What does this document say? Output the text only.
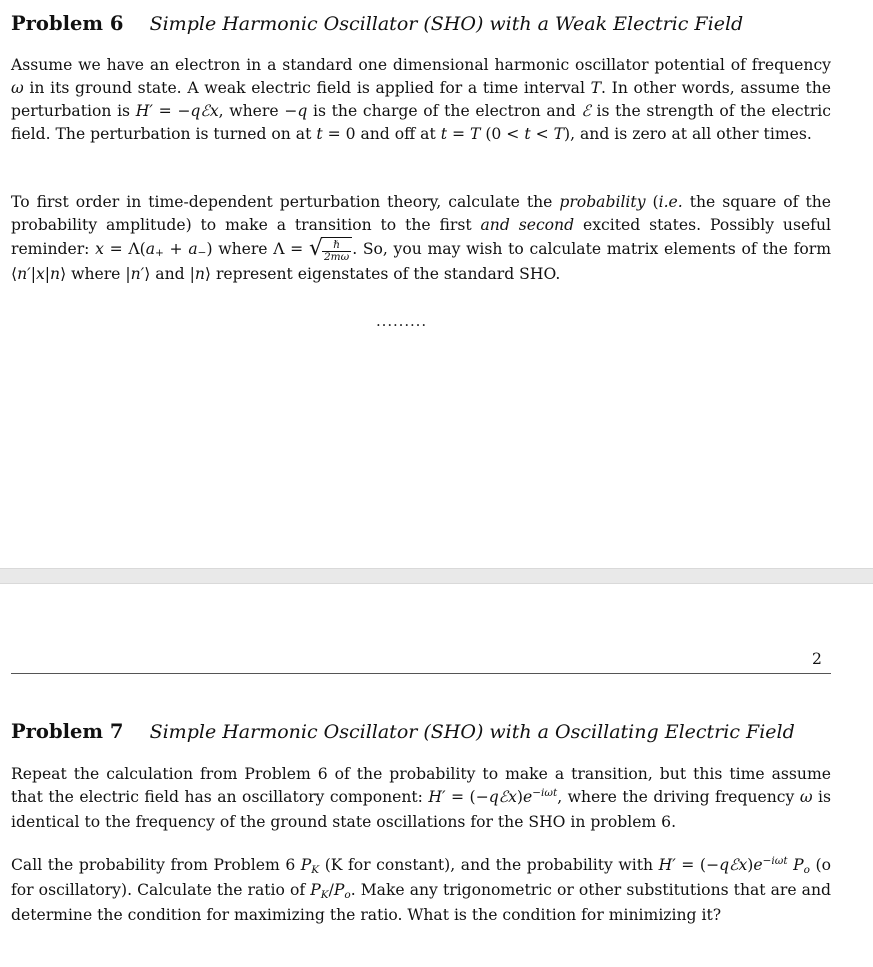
Problem 6 Simple Harmonic Oscillator (SHO) with a Weak Electric Field

Assume we have an electron in a standard one dimensional harmonic oscillator potential of frequency ω in its ground state. A weak electric field is applied for a time interval T. In other words, assume the perturbation is H′ = −qℰx, where −q is the charge of the electron and ℰ is the strength of the electric field. The perturbation is turned on at t = 0 and off at t = T (0 < t < T), and is zero at all other times.

To first order in time-dependent perturbation theory, calculate the probability (i.e. the square of the probability amplitude) to make a transition to the first and second excited states. Possibly useful reminder: x = Λ(a+ + a−) where Λ = √ $\frac{\text{ℏ}}{2m\omega}$ . So, you may wish to calculate matrix elements of the form ⟨n′|x|n⟩ where |n′⟩ and |n⟩ represent eigenstates of the standard SHO.

.........
2
Problem 7 Simple Harmonic Oscillator (SHO) with a Oscillating Electric Field

Repeat the calculation from Problem 6 of the probability to make a transition, but this time assume that the electric field has an oscillatory component: $H' = (-qℰx)e^{-i\omega t}$, where the driving frequency ω is identical to the frequency of the ground state oscillations for the SHO in problem 6.

Call the probability from Problem 6 PK (K for constant), and the probability with $H' = (-qℰx)e^{-i\omega t}$ Po (o for oscillatory). Calculate the ratio of PK/Po. Make any trigonometric or other substitutions that are and determine the condition for maximizing the ratio. What is the condition for minimizing it?
